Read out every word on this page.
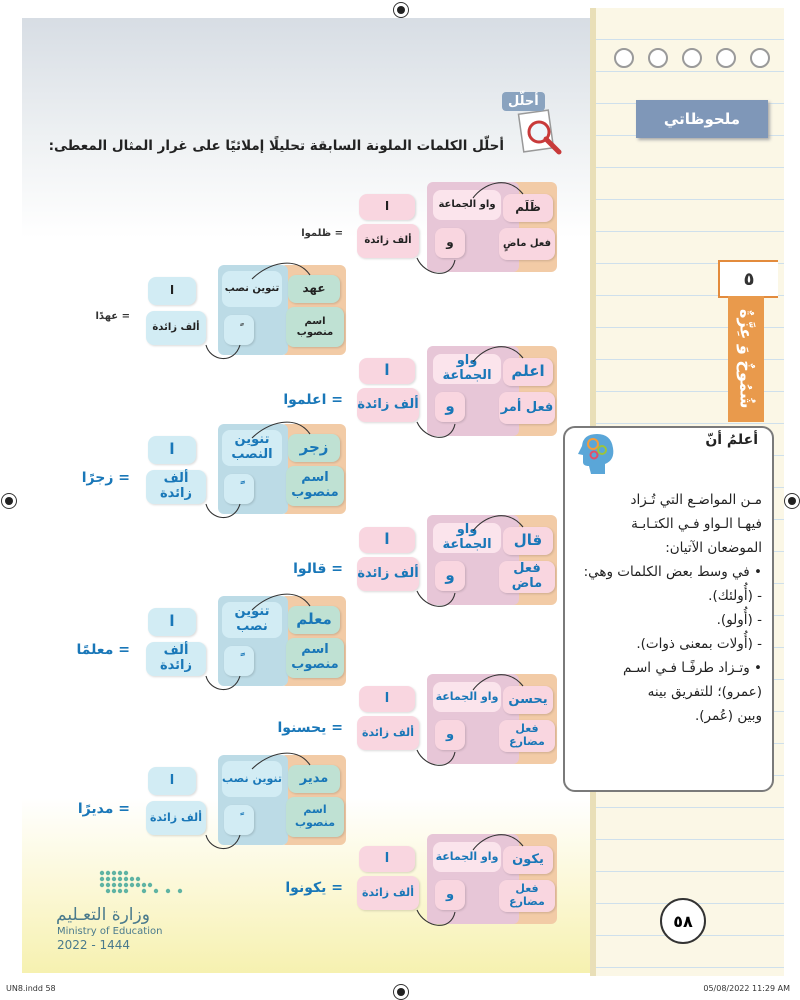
ملحوظاتي
٥
شُمُوخٌ وَ عِزَّةٌ
أعلمُ أنّ

مـن المواضـع التي تُـزاد

فيهـا الـواو فـي الكتـابـة

الموضعان الآتيان:

• في وسط بعض الكلمات وهي:

- (أُولئك).

- (أُولو).

- (أُولات بمعنى ذوات).

• وتـزاد طرفًـا فـي اسـم

(عمرو)؛ للتفريق بينه

وبين (عُمر).

أحلّل
أحلّل الكلمات الملونة السابقة تحليلًا إملائيًا على غرار المثال المعطى:
ظَلَم
فعل ماضٍ
واو الجماعة
و
ا
ألف زائدة
= ظلموا
عهد
اسم منصوب
تنوين نصب
ا
ألف زائدة
= عهدًا
اعلم
فعل أمر
واو الجماعة
و
ا
ألف زائدة
= اعلموا
زجر
اسم منصوب
تنوين النصب
ا
ألف زائدة
= زجرًا
قال
فعل ماض
واو الجماعة
و
ا
ألف زائدة
= قالوا
معلم
اسم منصوب
تنوين نصب
ا
ألف زائدة
= معلمًا
يحسن
فعل مضارع
واو الجماعة
و
ا
ألف زائدة
= يحسنوا
مدير
اسم منصوب
تنوين نصب
ا
ألف زائدة
= مديرًا
يكون
فعل مضارع
واو الجماعة
و
ا
ألف زائدة
= يكونوا
وزارة التعـليم
Ministry of Education
2022 - 1444
٥٨
UN8.indd 58	05/08/2022 11:29 AM
